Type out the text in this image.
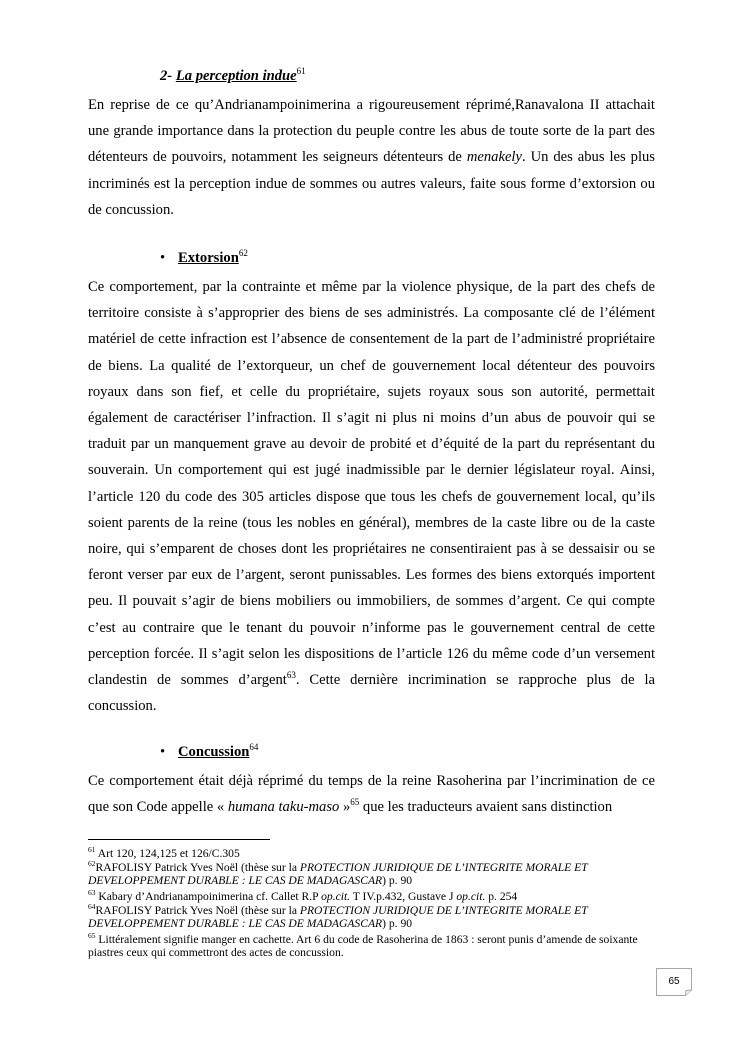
2- La perception indue$^{61}$

En reprise de ce qu’Andrianampoinimerina a rigoureusement réprimé,Ranavalona II attachait une grande importance dans la protection du peuple contre les abus de toute sorte de la part des détenteurs de pouvoirs, notamment les seigneurs détenteurs de menakely. Un des abus les plus incriminés est la perception indue de sommes ou autres valeurs, faite sous forme d’extorsion ou de concussion.

• Extorsion$^{62}$

Ce comportement, par la contrainte et même par la violence physique, de la part des chefs de territoire consiste à s’approprier des biens de ses administrés. La composante clé de l’élément matériel de cette infraction est l’absence de consentement de la part de l’administré propriétaire de biens. La qualité de l’extorqueur, un chef de gouvernement local détenteur des pouvoirs royaux dans son fief, et celle du propriétaire, sujets royaux sous son autorité, permettait également de caractériser l’infraction. Il s’agit ni plus ni moins d’un abus de pouvoir qui se traduit par un manquement grave au devoir de probité et d’équité de la part du représentant du souverain. Un comportement qui est jugé inadmissible par le dernier législateur royal. Ainsi, l’article 120 du code des 305 articles dispose que tous les chefs de gouvernement local, qu’ils soient parents de la reine (tous les nobles en général), membres de la caste libre ou de la caste noire, qui s’emparent de choses dont les propriétaires ne consentiraient pas à se dessaisir ou se feront verser par eux de l’argent, seront punissables. Les formes des biens extorqués importent peu. Il pouvait s’agir de biens mobiliers ou immobiliers, de sommes d’argent. Ce qui compte c’est au contraire que le tenant du pouvoir n’informe pas le gouvernement central de cette perception forcée. Il s’agit selon les dispositions de l’article 126 du même code d’un versement clandestin de sommes d’argent$^{63}$. Cette dernière incrimination se rapproche plus de la concussion.

• Concussion$^{64}$

Ce comportement était déjà réprimé du temps de la reine Rasoherina par l’incrimination de ce que son Code appelle « humana taku-maso »$^{65}$ que les traducteurs avaient sans distinction

$^{61}$ Art 120, 124,125 et 126/C.305

$^{62}$RAFOLISY Patrick Yves Noël (thèse sur la PROTECTION JURIDIQUE DE L’INTEGRITE MORALE ET DEVELOPPEMENT DURABLE : LE CAS DE MADAGASCAR) p. 90

$^{63}$ Kabary d’Andrianampoinimerina cf. Callet R.P op.cit. T IV.p.432, Gustave J op.cit. p. 254

$^{64}$RAFOLISY Patrick Yves Noël (thèse sur la PROTECTION JURIDIQUE DE L’INTEGRITE MORALE ET DEVELOPPEMENT DURABLE : LE CAS DE MADAGASCAR) p. 90

$^{65}$ Littéralement signifie manger en cachette. Art 6 du code de Rasoherina de 1863 : seront punis d’amende de soixante piastres ceux qui commettront des actes de concussion.

65
